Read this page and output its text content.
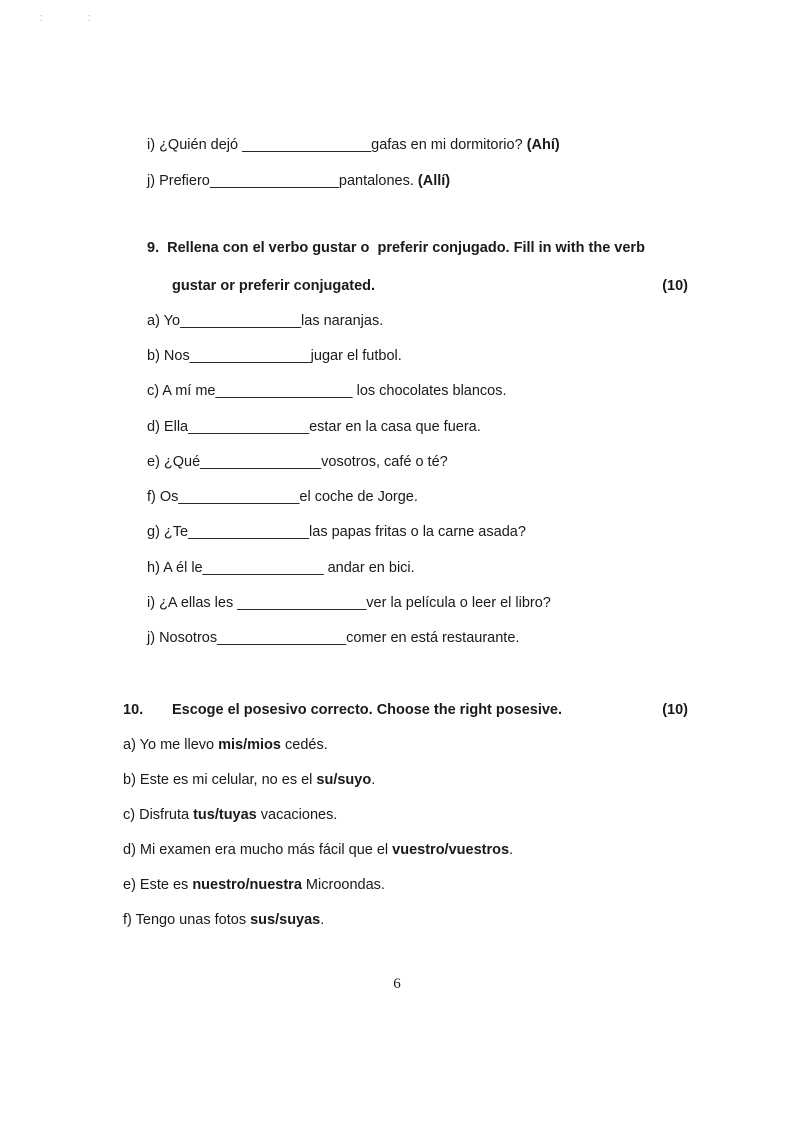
⁚	⁚
i) ¿Quién dejó ________________gafas en mi dormitorio? (Ahí)
j) Prefiero________________pantalones. (Allí)
9.  Rellena con el verbo gustar o  preferir conjugado. Fill in with the verb
gustar or preferir conjugated.	(10)
a) Yo_______________las naranjas.
b) Nos_______________jugar el futbol.
c) A mí me_________________ los chocolates blancos.
d) Ella_______________estar en la casa que fuera.
e) ¿Qué_______________vosotros, café o té?
f) Os_______________el coche de Jorge.
g) ¿Te_______________las papas fritas o la carne asada?
h) A él le_______________ andar en bici.
i) ¿A ellas les ________________ver la película o leer el libro?
j) Nosotros________________comer en está restaurante.
10. Escoge el posesivo correcto. Choose the right posesive.	(10)
a) Yo me llevo mis/mios cedés.
b) Este es mi celular, no es el su/suyo.
c) Disfruta tus/tuyas vacaciones.
d) Mi examen era mucho más fácil que el vuestro/vuestros.
e) Este es nuestro/nuestra Microondas.
f) Tengo unas fotos sus/suyas.
6
